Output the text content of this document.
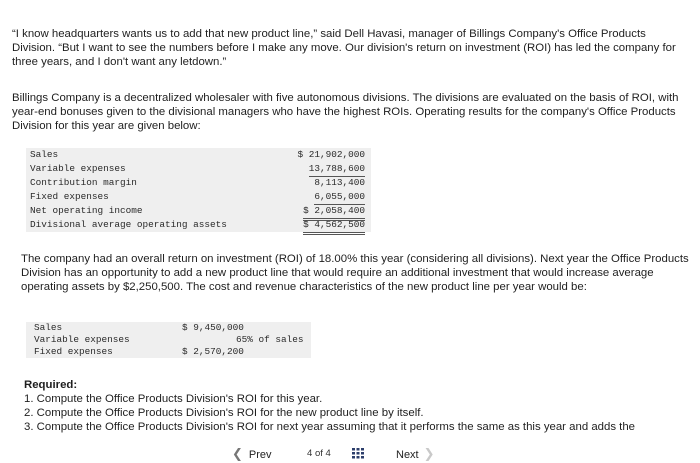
“I know headquarters wants us to add that new product line,” said Dell Havasi, manager of Billings Company's Office Products Division. “But I want to see the numbers before I make any move. Our division's return on investment (ROI) has led the company for three years, and I don't want any letdown.”

Billings Company is a decentralized wholesaler with five autonomous divisions. The divisions are evaluated on the basis of ROI, with year-end bonuses given to the divisional managers who have the highest ROIs. Operating results for the company's Office Products Division for this year are given below:

Sales	$ 21,902,000
Variable expenses	13,788,600
Contribution margin	8,113,400
Fixed expenses	6,055,000
Net operating income	$ 2,058,400
Divisional average operating assets	$ 4,562,500

The company had an overall return on investment (ROI) of 18.00% this year (considering all divisions). Next year the Office Products Division has an opportunity to add a new product line that would require an additional investment that would increase average operating assets by $2,250,500. The cost and revenue characteristics of the new product line per year would be:

Sales	$ 9,450,000
Variable expenses	65% of sales
Fixed expenses	$ 2,570,200
Required:
1. Compute the Office Products Division's ROI for this year.
2. Compute the Office Products Division's ROI for the new product line by itself.
3. Compute the Office Products Division's ROI for next year assuming that it performs the same as this year and adds the
❮ Prev	4 of 4	Next ❯
